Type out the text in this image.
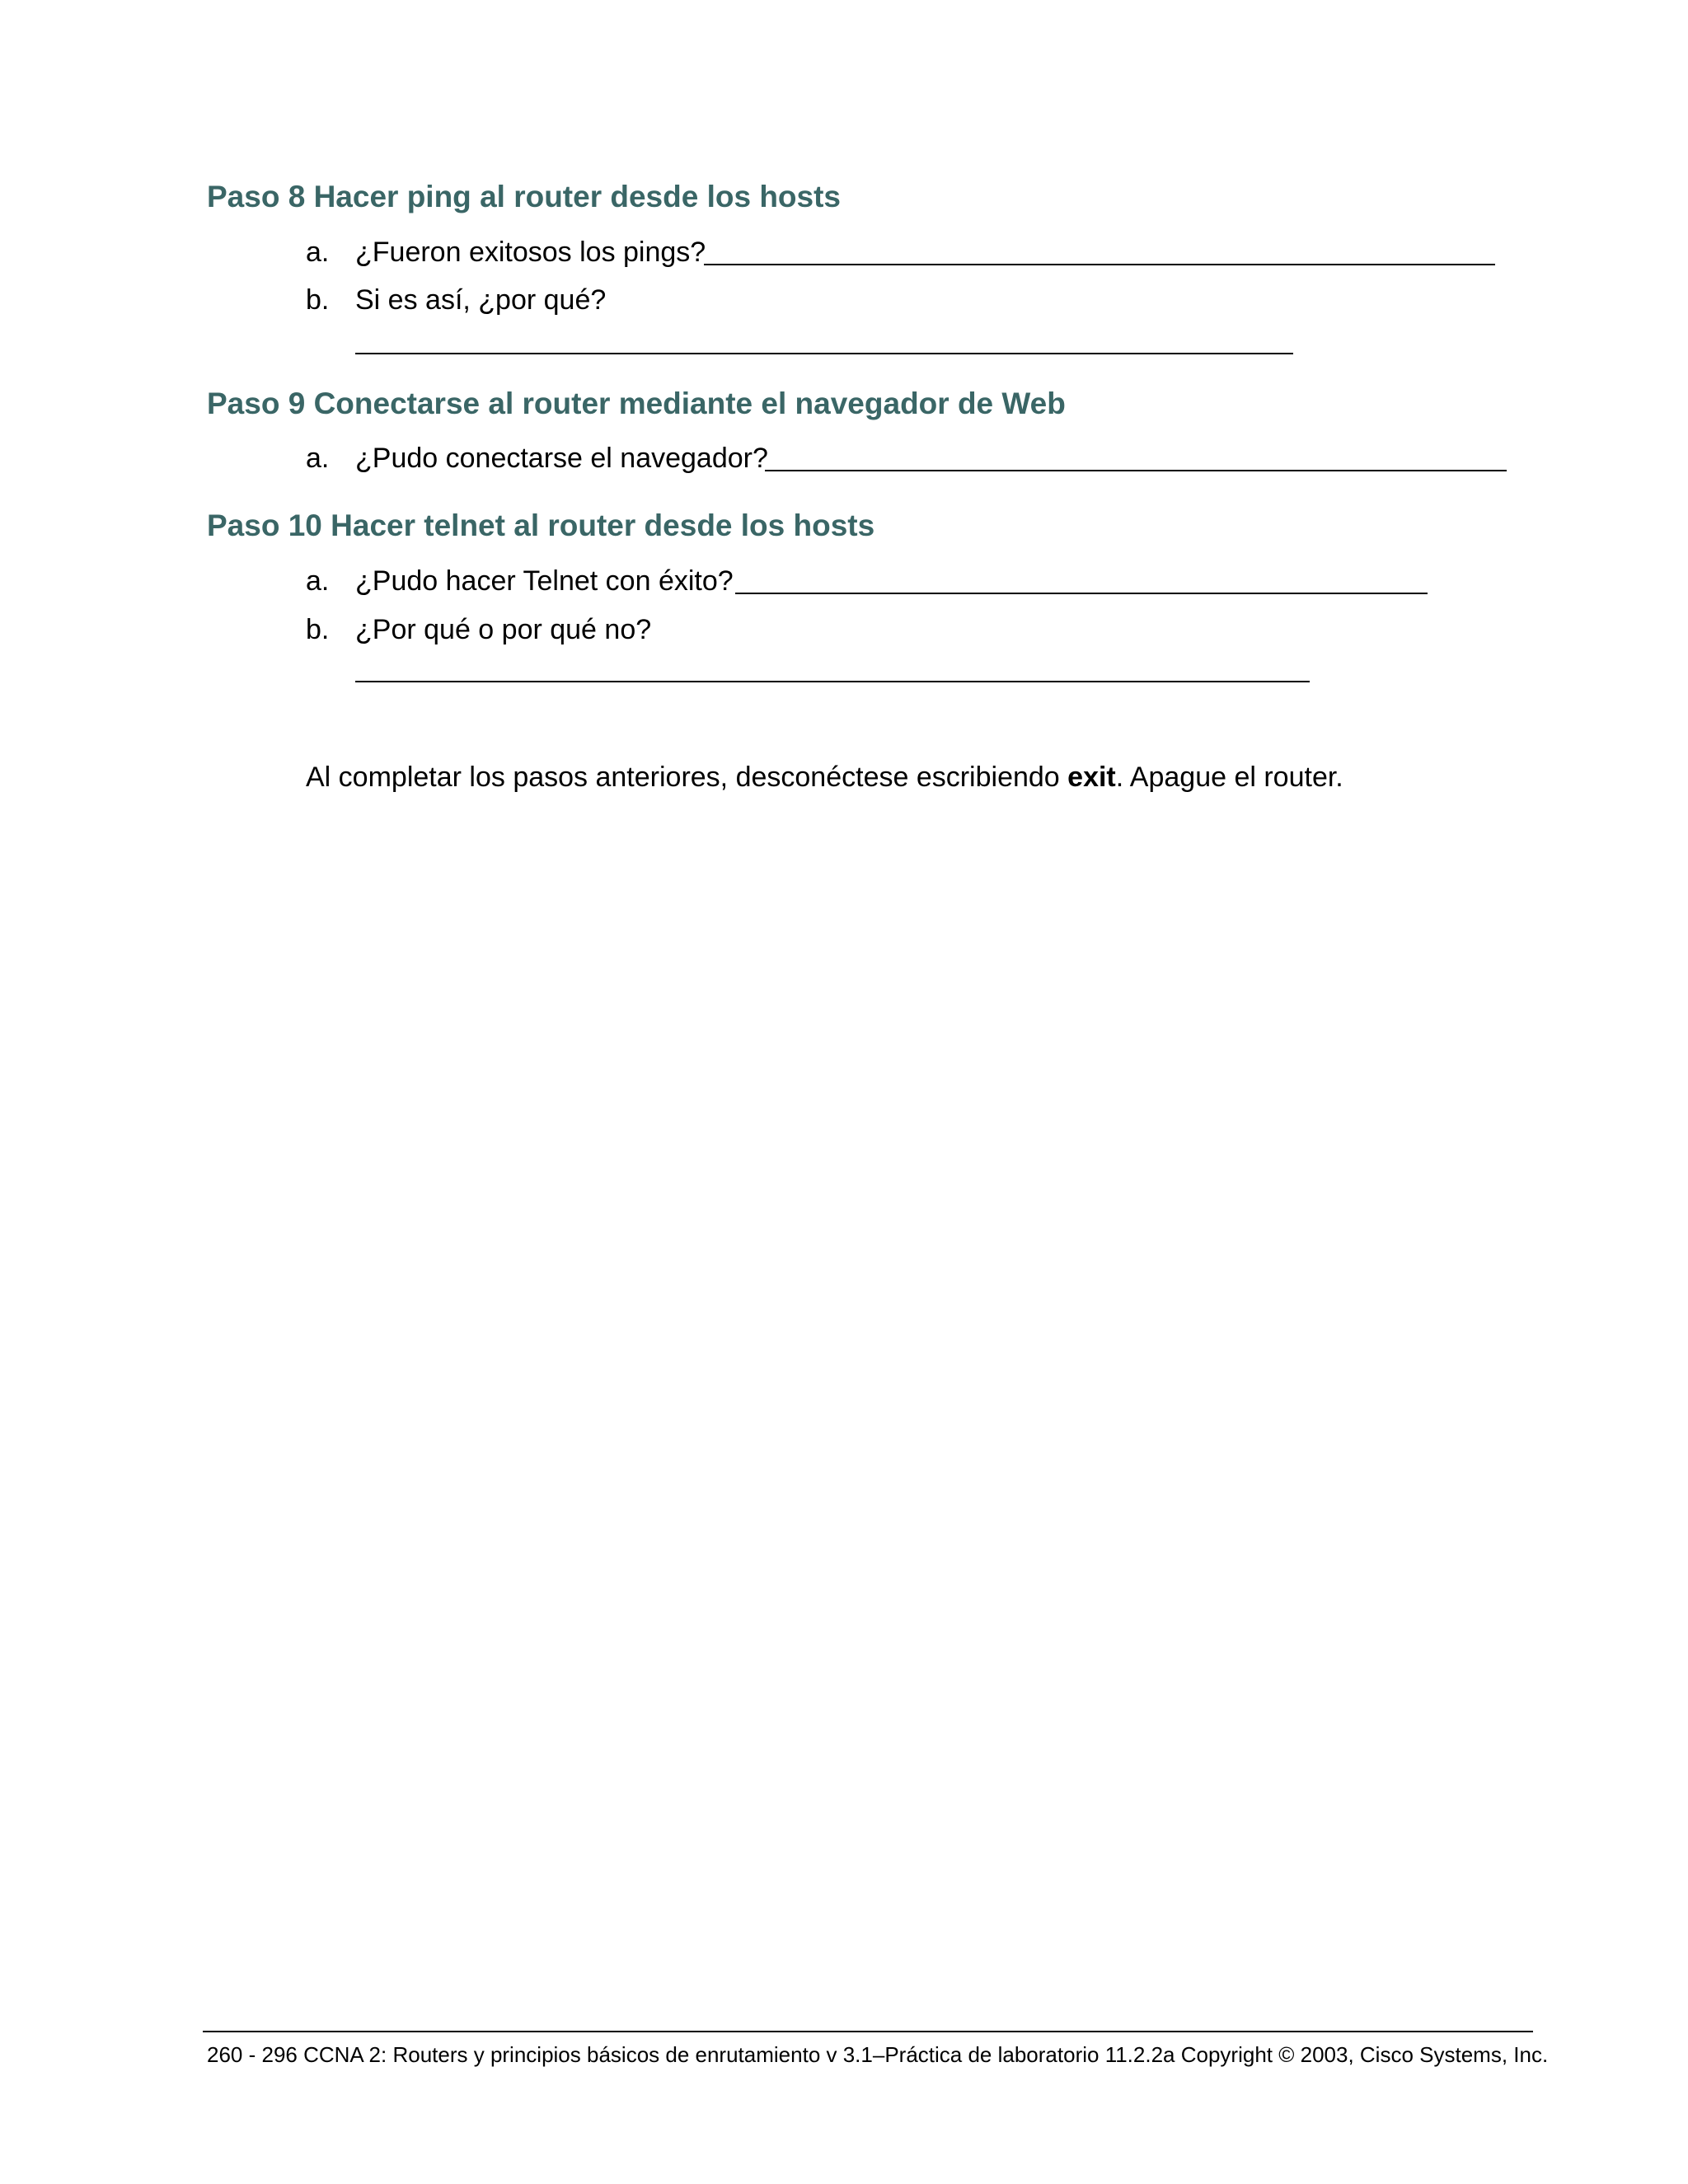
Paso 8 Hacer ping al router desde los hosts
a. ¿Fueron exitosos los pings?
b. Si es así, ¿por qué?
Paso 9 Conectarse al router mediante el navegador de Web
a. ¿Pudo conectarse el navegador?
Paso 10 Hacer telnet al router desde los hosts
a. ¿Pudo hacer Telnet con éxito?
b. ¿Por qué o por qué no?
Al completar los pasos anteriores, desconéctese escribiendo exit. Apague el router.
260 - 296 CCNA 2: Routers y principios básicos de enrutamiento v 3.1–Práctica de laboratorio 11.2.2a Copyright © 2003, Cisco Systems, Inc.
